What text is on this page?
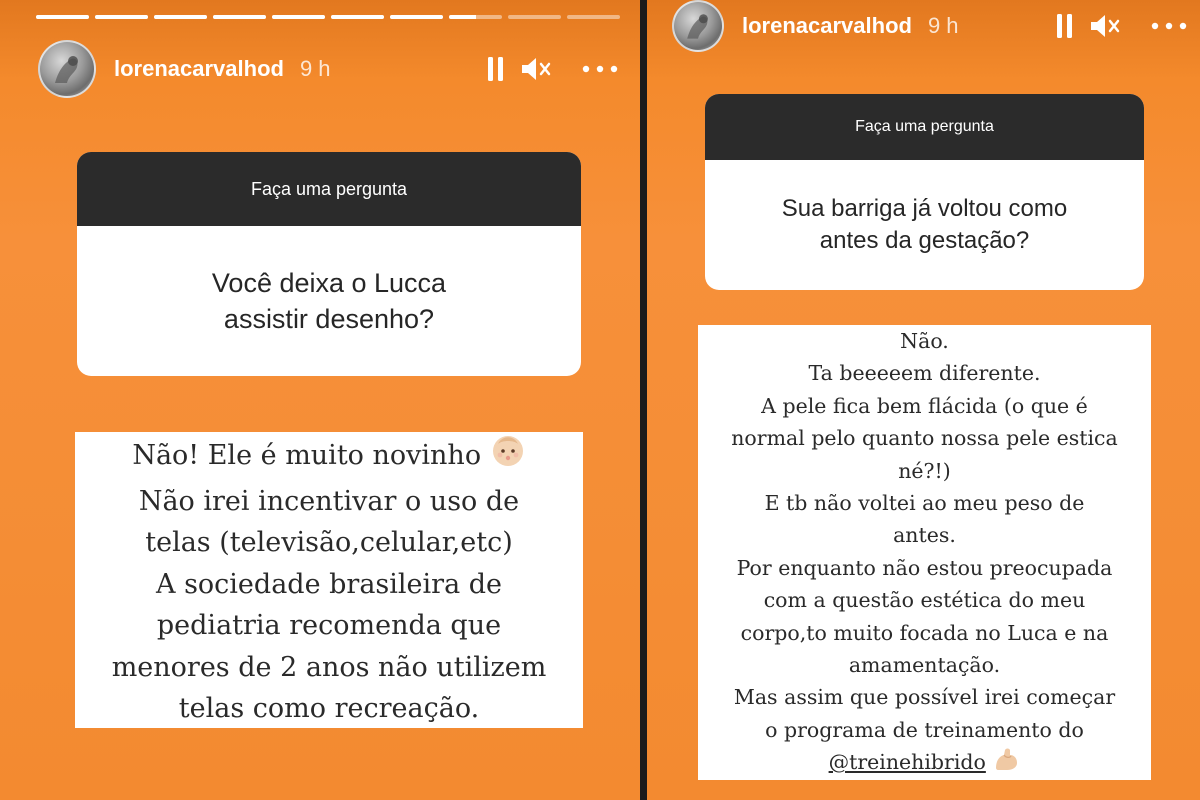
lorenacarvalhod 9 h
Faça uma pergunta
Você deixa o Lucca
assistir desenho?
Não! Ele é muito novinho
Não irei incentivar o uso de
telas (televisão,celular,etc)
A sociedade brasileira de
pediatria recomenda que
menores de 2 anos não utilizem
telas como recreação.
lorenacarvalhod 9 h
Faça uma pergunta
Sua barriga já voltou como
antes da gestação?
Não.
Ta beeeeem diferente.
A pele fica bem flácida (o que é
normal pelo quanto nossa pele estica
né?!)
E tb não voltei ao meu peso de
antes.
Por enquanto não estou preocupada
com a questão estética do meu
corpo,to muito focada no Luca e na
amamentação.
Mas assim que possível irei começar
o programa de treinamento do
@treinehibrido
